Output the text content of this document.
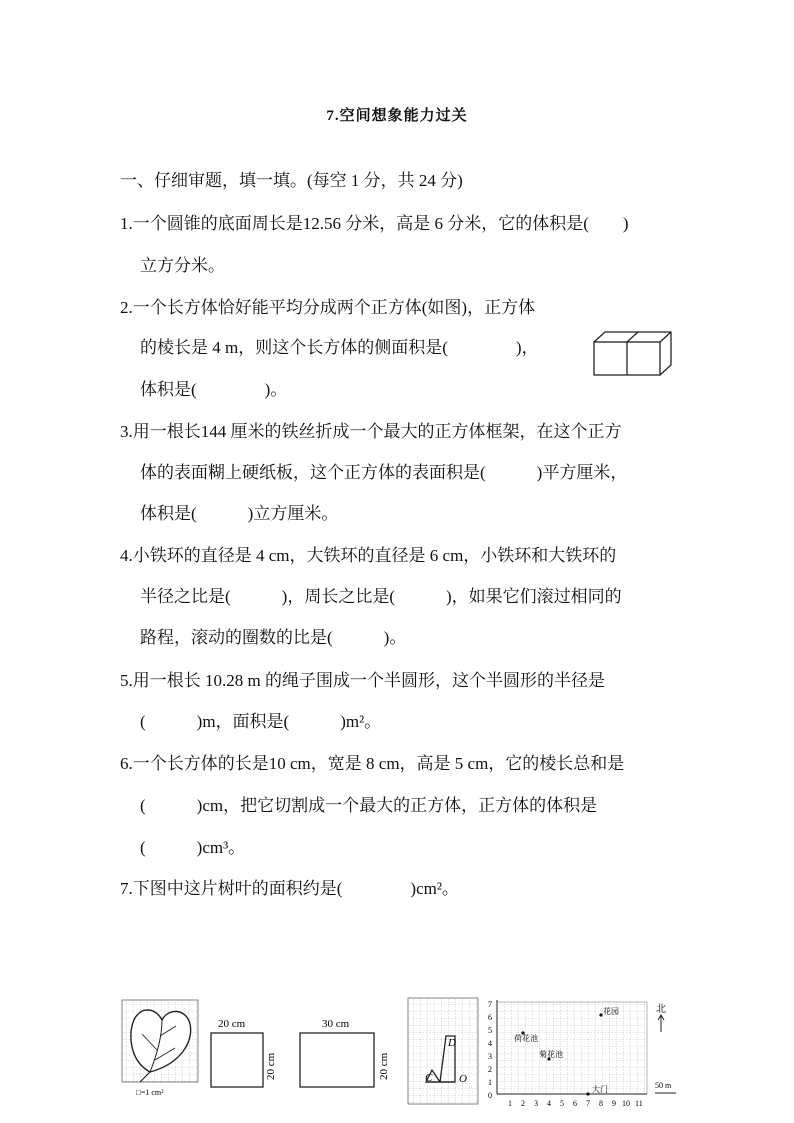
7.空间想象能力过关
一、仔细审题，填一填。(每空 1 分，共 24 分)
1.一个圆锥的底面周长是12.56 分米，高是 6 分米，它的体积是(　　)
立方分米。
2.一个长方体恰好能平均分成两个正方体(如图)，正方体
的棱长是 4 m，则这个长方体的侧面积是(　　　　)，
体积是(　　　　)。
3.用一根长144 厘米的铁丝折成一个最大的正方体框架，在这个正方
体的表面糊上硬纸板，这个正方体的表面积是(　　　)平方厘米，
体积是(　　　)立方厘米。
4.小铁环的直径是 4 cm，大铁环的直径是 6 cm，小铁环和大铁环的
半径之比是(　　　)，周长之比是(　　　)，如果它们滚过相同的
路程，滚动的圈数的比是(　　　)。
5.用一根长 10.28 m 的绳子围成一个半圆形，这个半圆形的半径是
(　　　)m，面积是(　　　)m²。
6.一个长方体的长是10 cm，宽是 8 cm，高是 5 cm，它的棱长总和是
(　　　)cm，把它切割成一个最大的正方体，正方体的体积是
(　　　)cm³。
7.下图中这片树叶的面积约是(　　　　)cm²。
□=1 cm²
20 cm
20 cm
30 cm
20 cm
D
C O
0
1
2
3
4
5
6
7
1 2 3 4 5 6 7 8 9 10 11
花园
荷花池
菊花池
大门
北
50 m
